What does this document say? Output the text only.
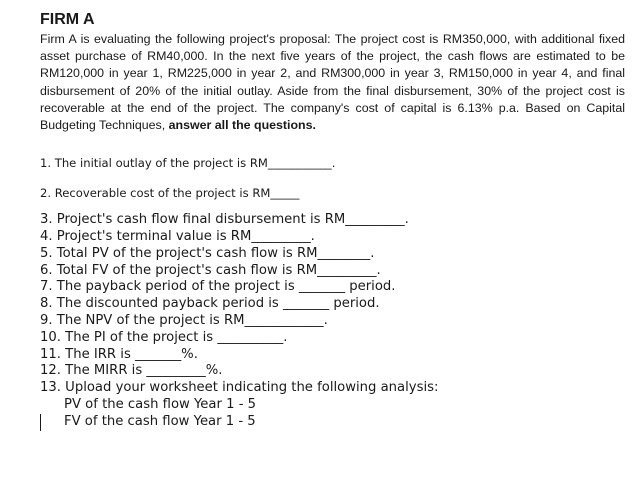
FIRM A

Firm A is evaluating the following project's proposal: The project cost is RM350,000, with additional fixed asset purchase of RM40,000. In the next five years of the project, the cash flows are estimated to be RM120,000 in year 1, RM225,000 in year 2, and RM300,000 in year 3, RM150,000 in year 4, and final disbursement of 20% of the initial outlay. Aside from the final disbursement, 30% of the project cost is recoverable at the end of the project. The company's cost of capital is 6.13% p.a. Based on Capital Budgeting Techniques, answer all the questions.

1. The initial outlay of the project is RM___________.

2. Recoverable cost of the project is RM_____

3. Project's cash flow final disbursement is RM_________.

4. Project's terminal value is RM_________.

5. Total PV of the project's cash flow is RM________.

6. Total FV of the project's cash flow is RM_________.

7. The payback period of the project is _______ period.

8. The discounted payback period is _______ period.

9. The NPV of the project is RM____________.

10. The PI of the project is __________.

11. The IRR is _______%.

12. The MIRR is _________%.

13. Upload your worksheet indicating the following analysis:

PV of the cash flow Year 1 - 5

FV of the cash flow Year 1 - 5
